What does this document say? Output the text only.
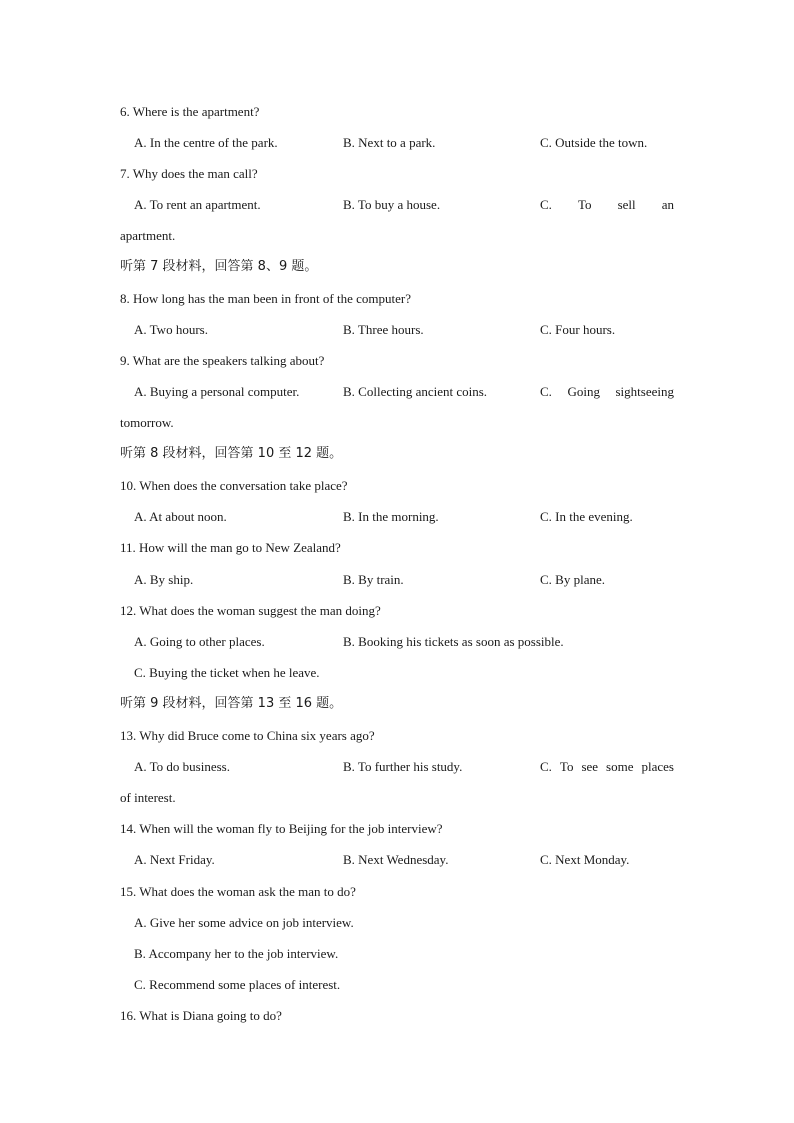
6. Where is the apartment?
A. In the centre of the park.	B. Next to a park.	C. Outside the town.
7. Why does the man call?
A. To rent an apartment.	B. To buy a house.	C. To sell an
apartment.
听第 7 段材料，回答第 8、9 题。
8. How long has the man been in front of the computer?
A. Two hours.	B. Three hours.	C. Four hours.
9. What are the speakers talking about?
A. Buying a personal computer.	B. Collecting ancient coins.	C. Going sightseeing
tomorrow.
听第 8 段材料，回答第 10 至 12 题。
10. When does the conversation take place?
A. At about noon.	B. In the morning.	C. In the evening.
11. How will the man go to New Zealand?
A. By ship.	B. By train.	C. By plane.
12. What does the woman suggest the man doing?
A. Going to other places.	B. Booking his tickets as soon as possible.
C. Buying the ticket when he leave.
听第 9 段材料，回答第 13 至 16 题。
13. Why did Bruce come to China six years ago?
A. To do business.	B. To further his study.	C. To see some places
of interest.
14. When will the woman fly to Beijing for the job interview?
A. Next Friday.	B. Next Wednesday.	C. Next Monday.
15. What does the woman ask the man to do?
A. Give her some advice on job interview.
B. Accompany her to the job interview.
C. Recommend some places of interest.
16. What is Diana going to do?
